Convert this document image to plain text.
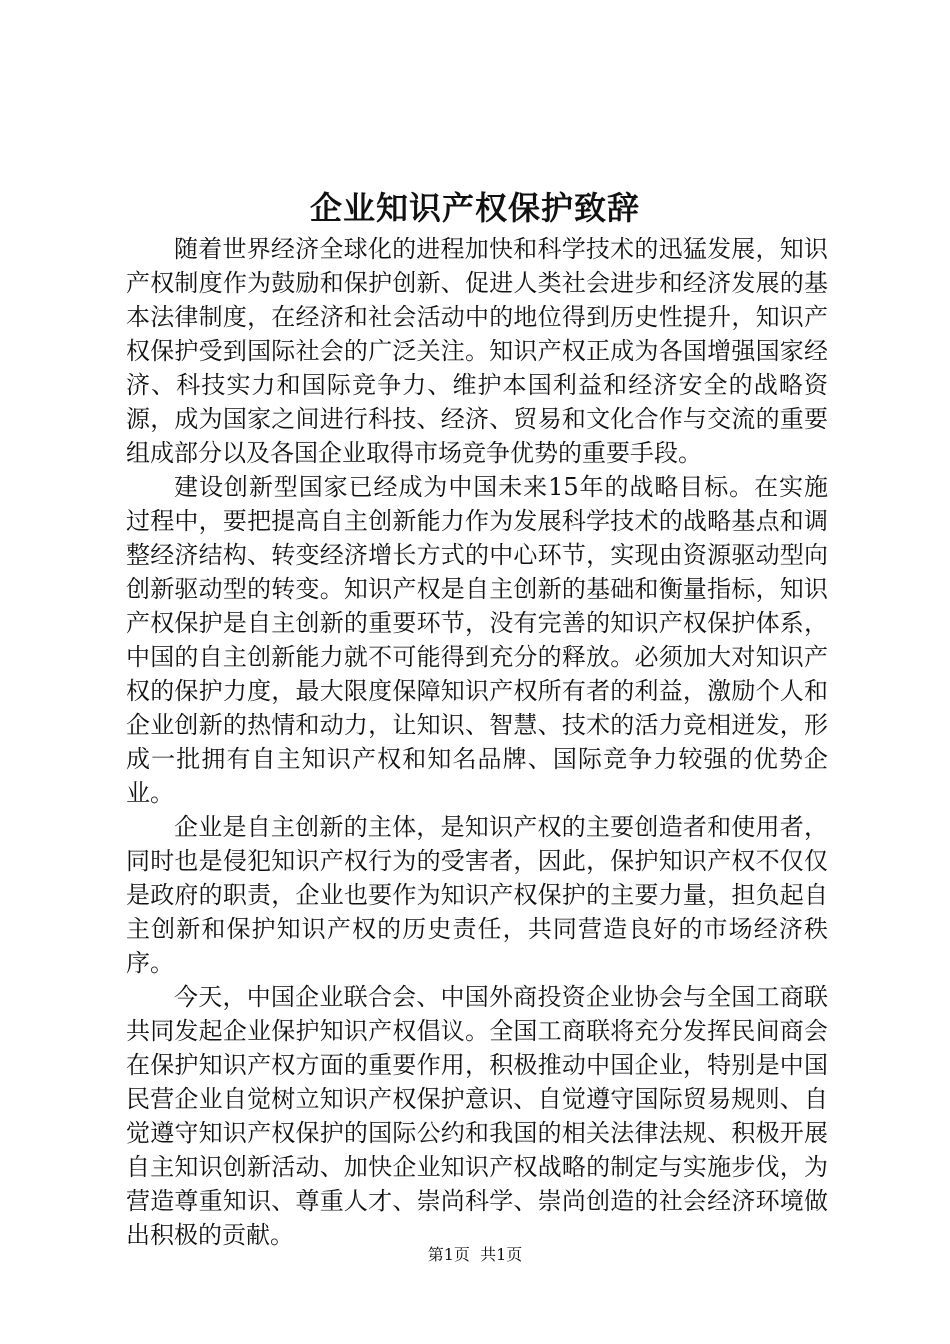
企业知识产权保护致辞

随着世界经济全球化的进程加快和科学技术的迅猛发展，知识产权制度作为鼓励和保护创新、促进人类社会进步和经济发展的基本法律制度，在经济和社会活动中的地位得到历史性提升，知识产权保护受到国际社会的广泛关注。知识产权正成为各国增强国家经济、科技实力和国际竞争力、维护本国利益和经济安全的战略资源，成为国家之间进行科技、经济、贸易和文化合作与交流的重要组成部分以及各国企业取得市场竞争优势的重要手段。

建设创新型国家已经成为中国未来15年的战略目标。在实施过程中，要把提高自主创新能力作为发展科学技术的战略基点和调整经济结构、转变经济增长方式的中心环节，实现由资源驱动型向创新驱动型的转变。知识产权是自主创新的基础和衡量指标，知识产权保护是自主创新的重要环节，没有完善的知识产权保护体系，中国的自主创新能力就不可能得到充分的释放。必须加大对知识产权的保护力度，最大限度保障知识产权所有者的利益，激励个人和企业创新的热情和动力，让知识、智慧、技术的活力竞相迸发，形成一批拥有自主知识产权和知名品牌、国际竞争力较强的优势企业。

企业是自主创新的主体，是知识产权的主要创造者和使用者，同时也是侵犯知识产权行为的受害者，因此，保护知识产权不仅仅是政府的职责，企业也要作为知识产权保护的主要力量，担负起自主创新和保护知识产权的历史责任，共同营造良好的市场经济秩序。

今天，中国企业联合会、中国外商投资企业协会与全国工商联共同发起企业保护知识产权倡议。全国工商联将充分发挥民间商会在保护知识产权方面的重要作用，积极推动中国企业，特别是中国民营企业自觉树立知识产权保护意识、自觉遵守国际贸易规则、自觉遵守知识产权保护的国际公约和我国的相关法律法规、积极开展自主知识创新活动、加快企业知识产权战略的制定与实施步伐，为营造尊重知识、尊重人才、崇尚科学、崇尚创造的社会经济环境做出积极的贡献。

第1页 共1页
